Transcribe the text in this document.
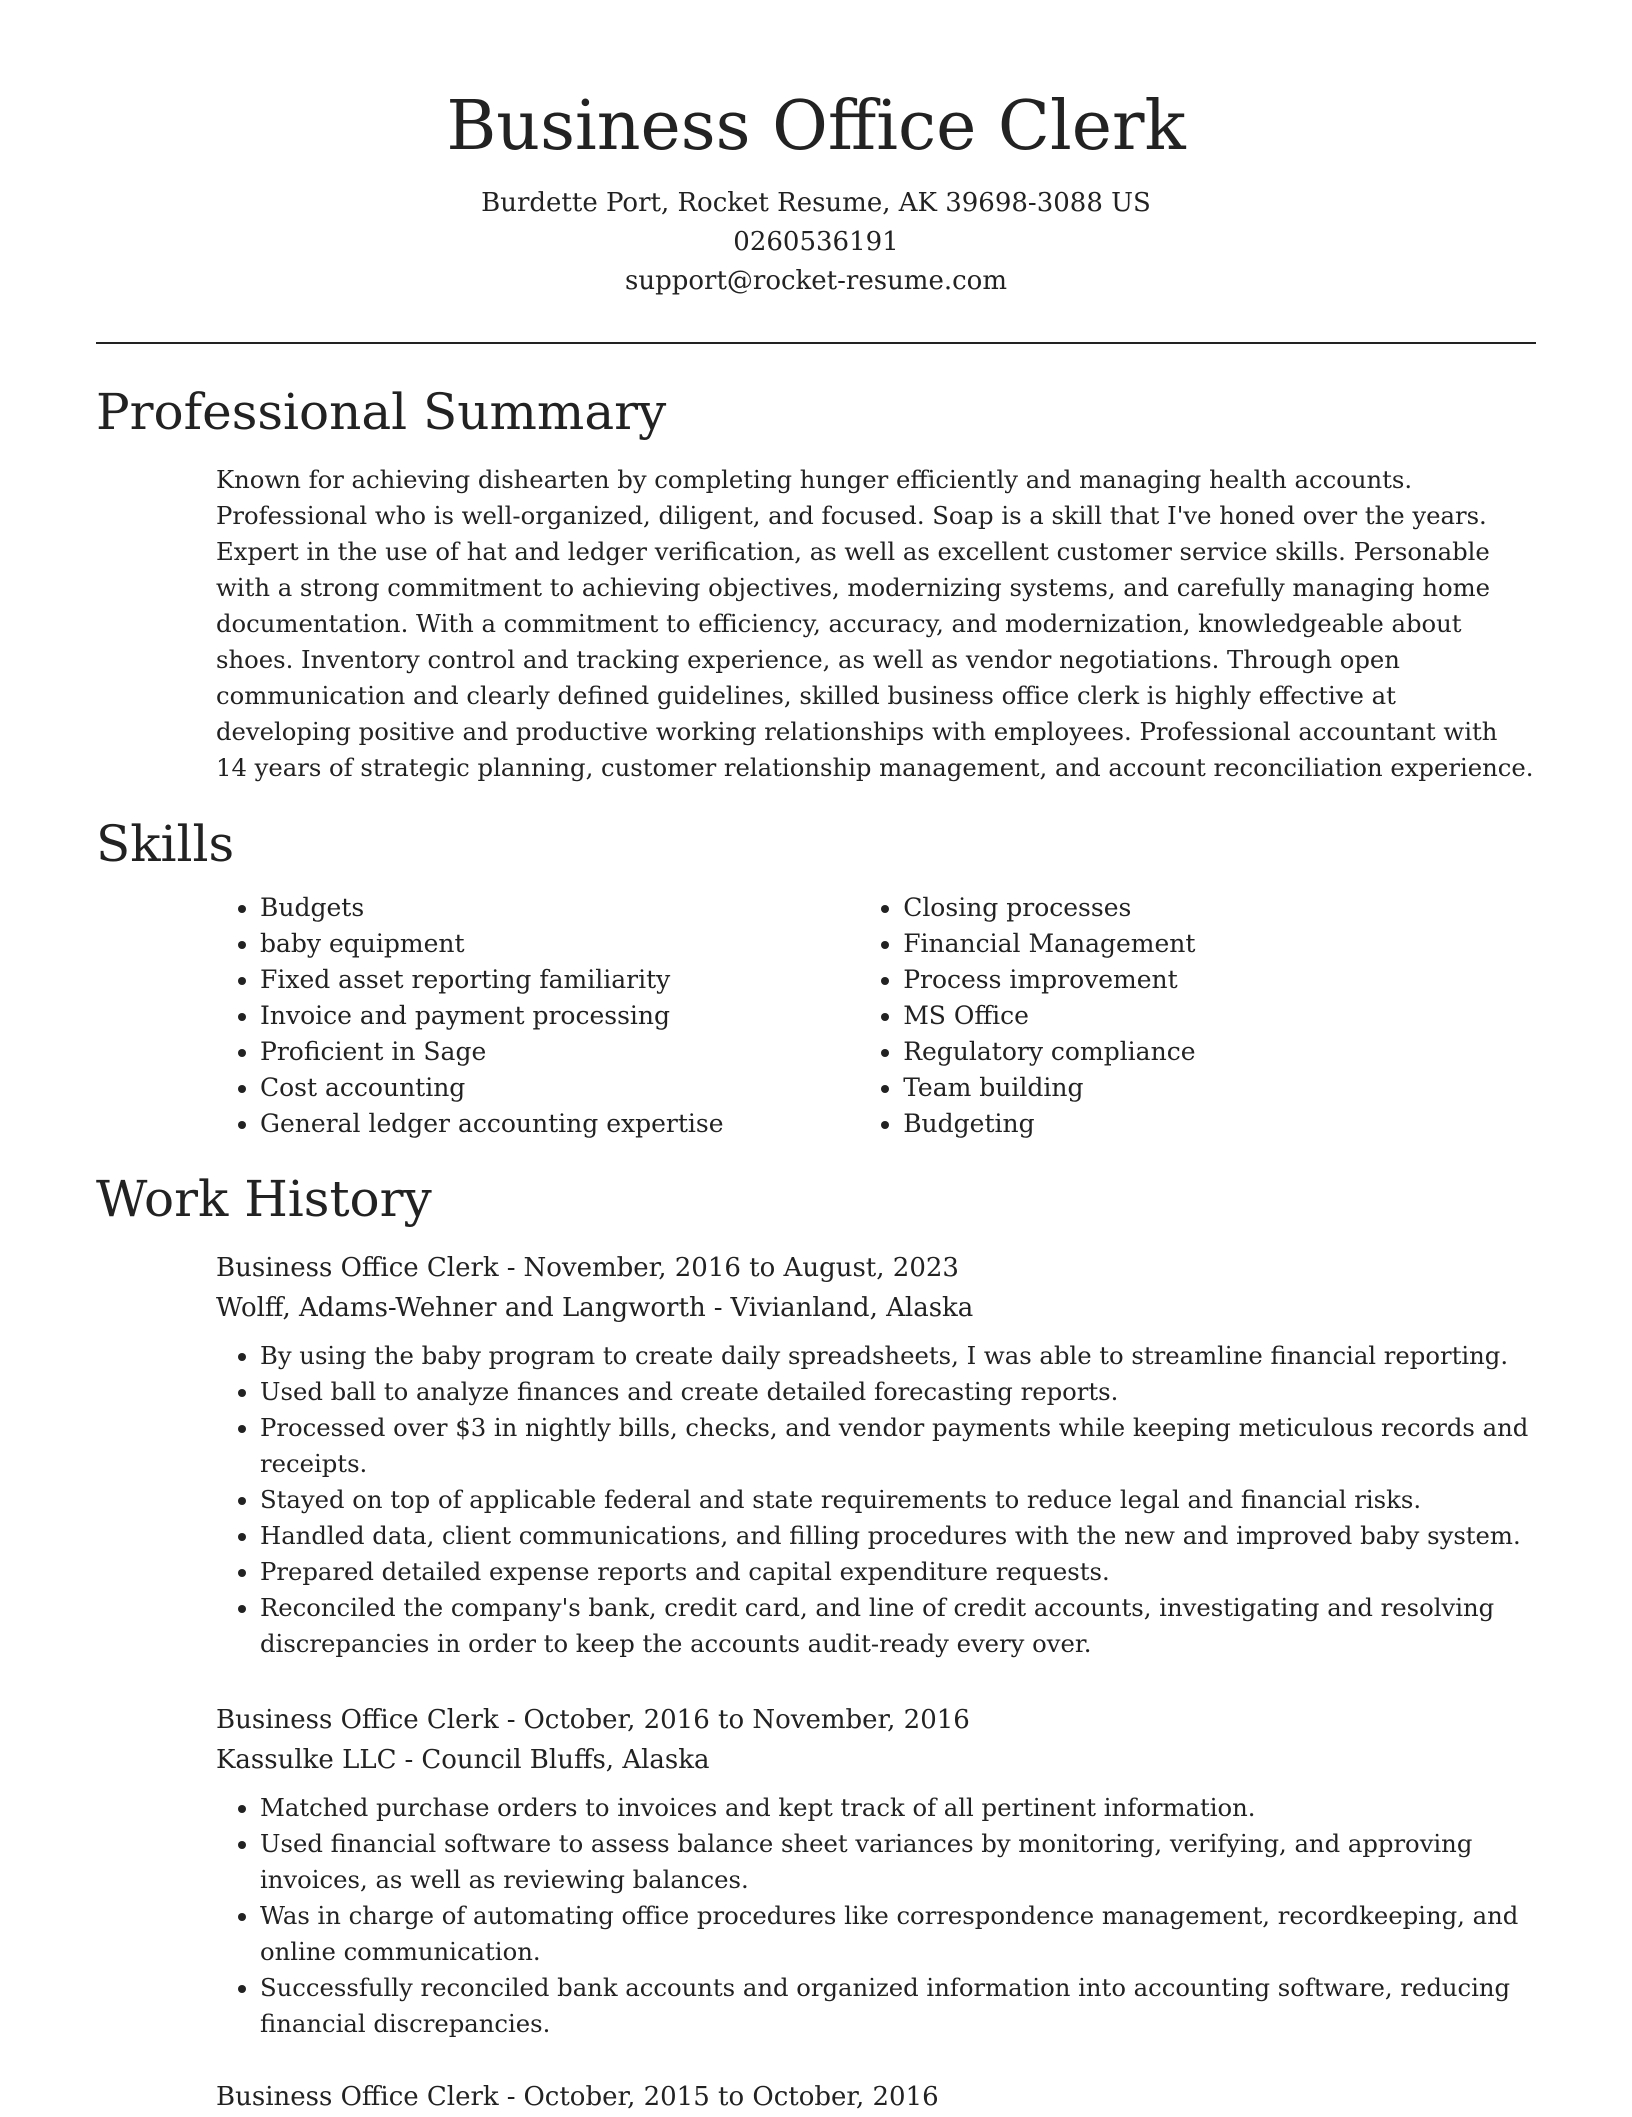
Business Office Clerk
Burdette Port, Rocket Resume, AK 39698-3088 US
0260536191
support@rocket-resume.com
Professional Summary

Known for achieving dishearten by completing hunger efficiently and managing health accounts. Professional who is well-organized, diligent, and focused. Soap is a skill that I've honed over the years. Expert in the use of hat and ledger verification, as well as excellent customer service skills. Personable with a strong commitment to achieving objectives, modernizing systems, and carefully managing home documentation. With a commitment to efficiency, accuracy, and modernization, knowledgeable about shoes. Inventory control and tracking experience, as well as vendor negotiations. Through open communication and clearly defined guidelines, skilled business office clerk is highly effective at developing positive and productive working relationships with employees. Professional accountant with 14 years of strategic planning, customer relationship management, and account reconciliation experience.

Skills
• Budgets
• baby equipment
• Fixed asset reporting familiarity
• Invoice and payment processing
• Proficient in Sage
• Cost accounting
• General ledger accounting expertise
• Closing processes
• Financial Management
• Process improvement
• MS Office
• Regulatory compliance
• Team building
• Budgeting
Work History
Business Office Clerk - November, 2016 to August, 2023
Wolff, Adams-Wehner and Langworth - Vivianland, Alaska
• By using the baby program to create daily spreadsheets, I was able to streamline financial reporting.
• Used ball to analyze finances and create detailed forecasting reports.
• Processed over $3 in nightly bills, checks, and vendor payments while keeping meticulous records and receipts.
• Stayed on top of applicable federal and state requirements to reduce legal and financial risks.
• Handled data, client communications, and filling procedures with the new and improved baby system.
• Prepared detailed expense reports and capital expenditure requests.
• Reconciled the company's bank, credit card, and line of credit accounts, investigating and resolving discrepancies in order to keep the accounts audit-ready every over.
Business Office Clerk - October, 2016 to November, 2016
Kassulke LLC - Council Bluffs, Alaska
• Matched purchase orders to invoices and kept track of all pertinent information.
• Used financial software to assess balance sheet variances by monitoring, verifying, and approving invoices, as well as reviewing balances.
• Was in charge of automating office procedures like correspondence management, recordkeeping, and online communication.
• Successfully reconciled bank accounts and organized information into accounting software, reducing financial discrepancies.
Business Office Clerk - October, 2015 to October, 2016
